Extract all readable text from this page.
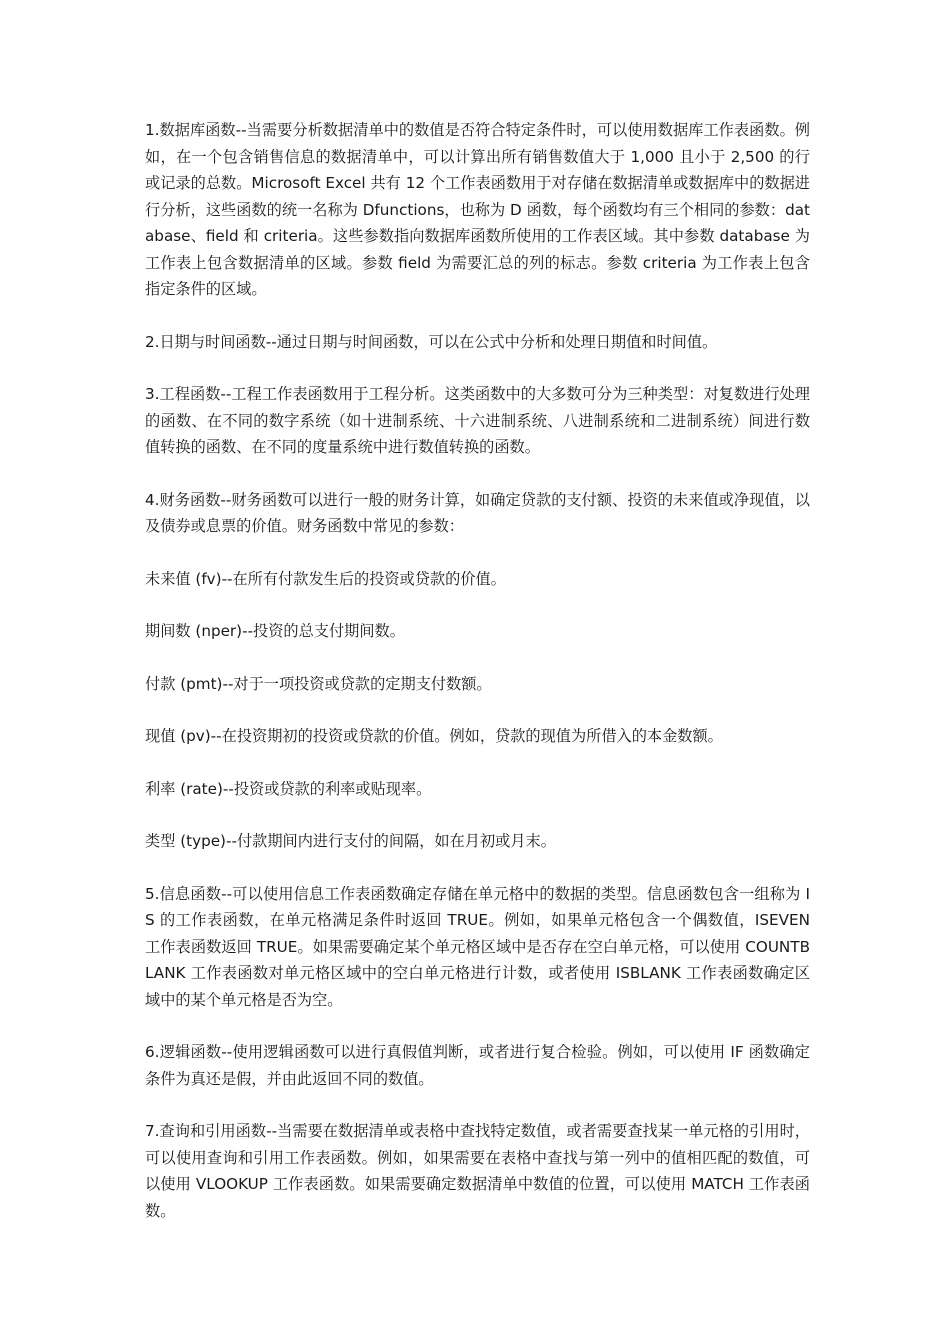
1.数据库函数--当需要分析数据清单中的数值是否符合特定条件时，可以使用数据库工作表函数。例如，在一个包含销售信息的数据清单中，可以计算出所有销售数值大于 1,000 且小于 2,500 的行或记录的总数。Microsoft Excel 共有 12 个工作表函数用于对存储在数据清单或数据库中的数据进行分析，这些函数的统一名称为 Dfunctions，也称为 D 函数，每个函数均有三个相同的参数：database、field 和 criteria。这些参数指向数据库函数所使用的工作表区域。其中参数 database 为工作表上包含数据清单的区域。参数 field 为需要汇总的列的标志。参数 criteria 为工作表上包含指定条件的区域。

2.日期与时间函数--通过日期与时间函数，可以在公式中分析和处理日期值和时间值。

3.工程函数--工程工作表函数用于工程分析。这类函数中的大多数可分为三种类型：对复数进行处理的函数、在不同的数字系统（如十进制系统、十六进制系统、八进制系统和二进制系统）间进行数值转换的函数、在不同的度量系统中进行数值转换的函数。

4.财务函数--财务函数可以进行一般的财务计算，如确定贷款的支付额、投资的未来值或净现值，以及债券或息票的价值。财务函数中常见的参数：

未来值 (fv)--在所有付款发生后的投资或贷款的价值。

期间数 (nper)--投资的总支付期间数。

付款 (pmt)--对于一项投资或贷款的定期支付数额。

现值 (pv)--在投资期初的投资或贷款的价值。例如，贷款的现值为所借入的本金数额。

利率 (rate)--投资或贷款的利率或贴现率。

类型 (type)--付款期间内进行支付的间隔，如在月初或月末。

5.信息函数--可以使用信息工作表函数确定存储在单元格中的数据的类型。信息函数包含一组称为 IS 的工作表函数，在单元格满足条件时返回 TRUE。例如，如果单元格包含一个偶数值，ISEVEN 工作表函数返回 TRUE。如果需要确定某个单元格区域中是否存在空白单元格，可以使用 COUNTBLANK 工作表函数对单元格区域中的空白单元格进行计数，或者使用 ISBLANK 工作表函数确定区域中的某个单元格是否为空。

6.逻辑函数--使用逻辑函数可以进行真假值判断，或者进行复合检验。例如，可以使用 IF 函数确定条件为真还是假，并由此返回不同的数值。

7.查询和引用函数--当需要在数据清单或表格中查找特定数值，或者需要查找某一单元格的引用时，可以使用查询和引用工作表函数。例如，如果需要在表格中查找与第一列中的值相匹配的数值，可以使用 VLOOKUP 工作表函数。如果需要确定数据清单中数值的位置，可以使用 MATCH 工作表函数。
